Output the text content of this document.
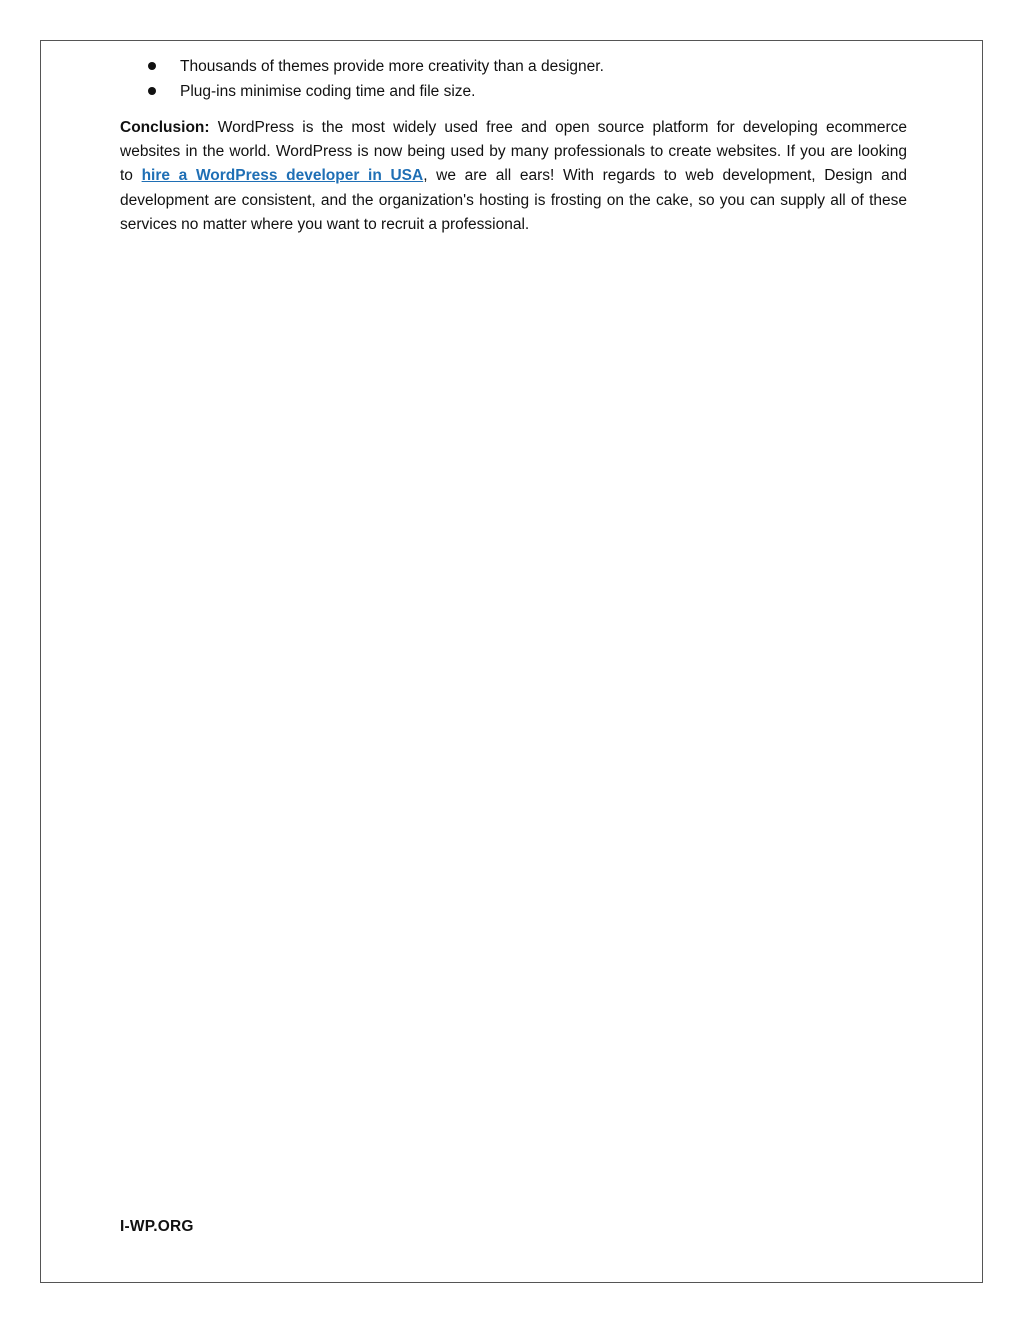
Thousands of themes provide more creativity than a designer.
Plug-ins minimise coding time and file size.

Conclusion: WordPress is the most widely used free and open source platform for developing ecommerce websites in the world. WordPress is now being used by many professionals to create websites. If you are looking to hire a WordPress developer in USA, we are all ears! With regards to web development, Design and development are consistent, and the organization's hosting is frosting on the cake, so you can supply all of these services no matter where you want to recruit a professional.

I-WP.ORG
